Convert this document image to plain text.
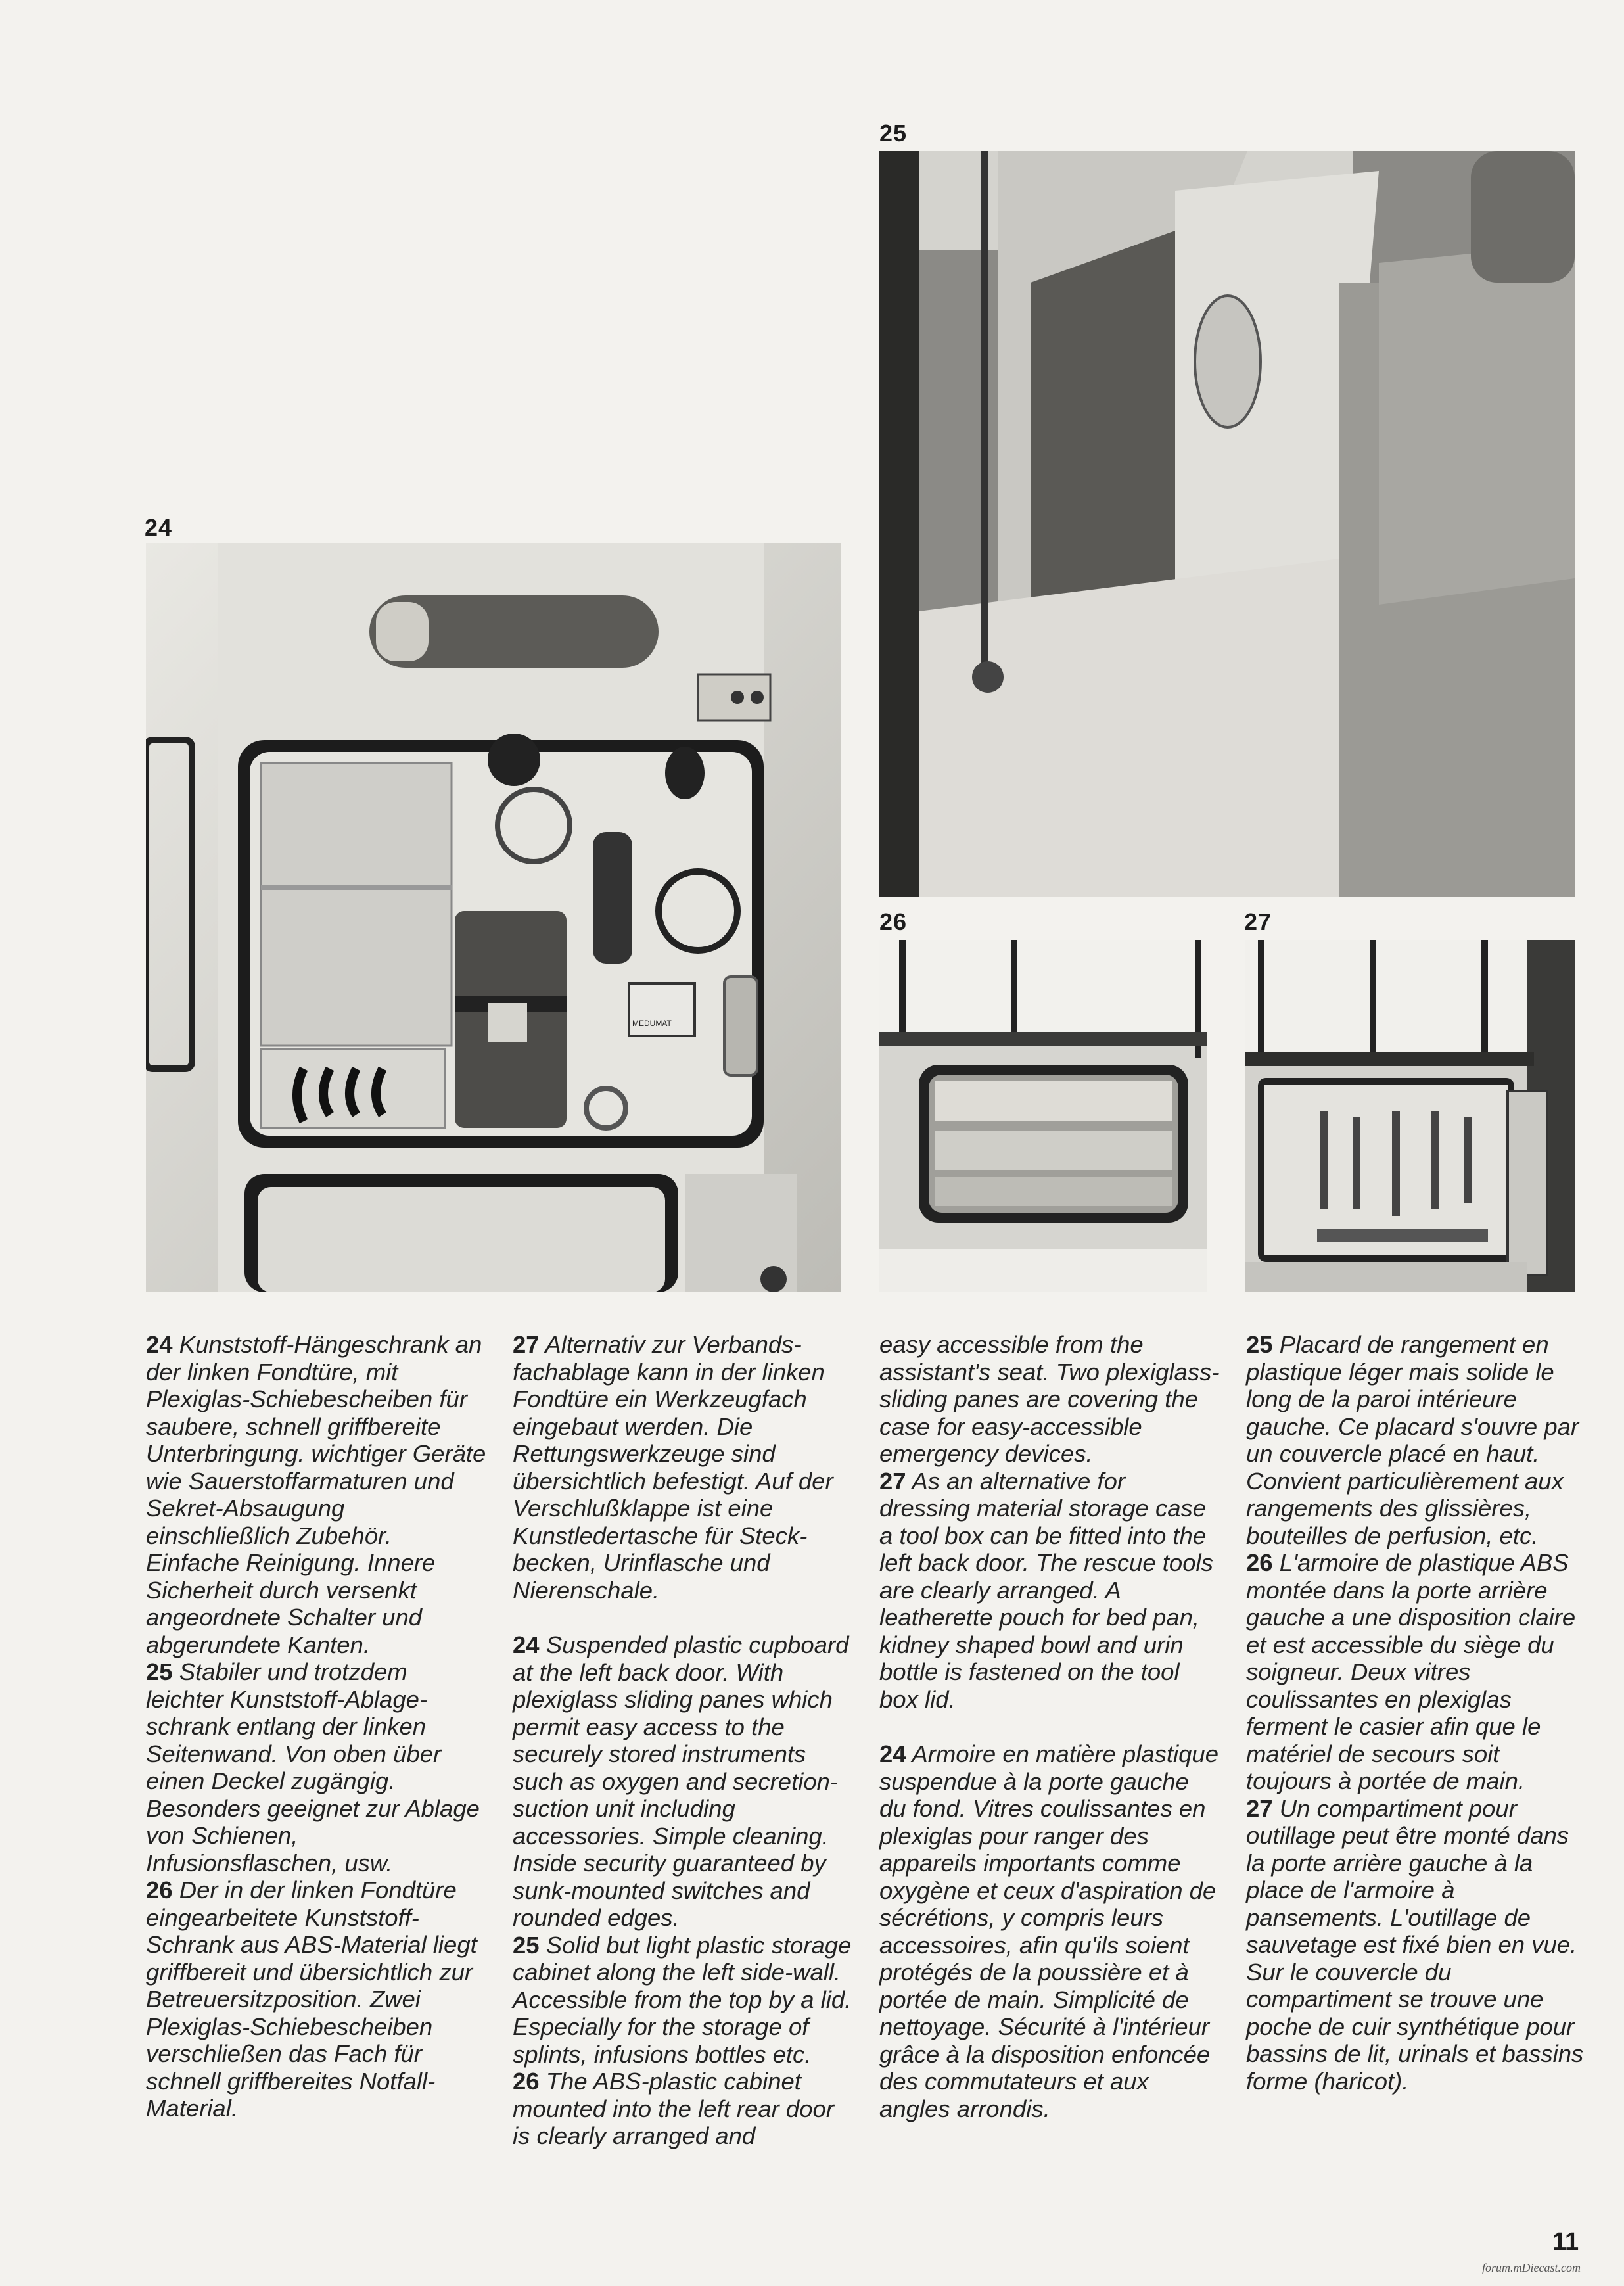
24
25
26	27
MEDUMAT

24 Kunststoff-Hängeschrank an der linken Fondtüre, mit Plexiglas-Schiebescheiben für saubere, schnell griffbereite Unterbringung. wichtiger Geräte wie Sauerstoffarmaturen und Sekret-Absaugung einschließlich Zubehör. Einfache Reinigung. Innere Sicherheit durch versenkt angeordnete Schalter und abgerundete Kanten.

25 Stabiler und trotzdem leichter Kunststoff-Ablageschrank entlang der linken Seitenwand. Von oben über einen Deckel zugängig. Besonders geeignet zur Ablage von Schienen, Infusionsflaschen, usw.

26 Der in der linken Fondtüre eingearbeitete Kunststoff-Schrank aus ABS-Material liegt griffbereit und übersichtlich zur Betreuersitzposition. Zwei Plexiglas-Schiebescheiben verschließen das Fach für schnell griffbereites Notfall-Material.

27 Alternativ zur Verbandsfachablage kann in der linken Fondtüre ein Werkzeugfach eingebaut werden. Die Rettungswerkzeuge sind übersichtlich befestigt. Auf der Verschlußklappe ist eine Kunstledertasche für Steckbecken, Urinflasche und Nierenschale.

24 Suspended plastic cupboard at the left back door. With plexiglass sliding panes which permit easy access to the securely stored instruments such as oxygen and secretion-suction unit including accessories. Simple cleaning. Inside security guaranteed by sunk-mounted switches and rounded edges.

25 Solid but light plastic storage cabinet along the left side-wall. Accessible from the top by a lid. Especially for the storage of splints, infusions bottles etc.

26 The ABS-plastic cabinet mounted into the left rear door is clearly arranged and

easy accessible from the assistant's seat. Two plexiglass-sliding panes are covering the case for easy-accessible emergency devices.

27 As an alternative for dressing material storage case a tool box can be fitted into the left back door. The rescue tools are clearly arranged. A leatherette pouch for bed pan, kidney shaped bowl and urin bottle is fastened on the tool box lid.

24 Armoire en matière plastique suspendue à la porte gauche du fond. Vitres coulissantes en plexiglas pour ranger des appareils importants comme oxygène et ceux d'aspiration de sécrétions, y compris leurs accessoires, afin qu'ils soient protégés de la poussière et à portée de main. Simplicité de nettoyage. Sécurité à l'intérieur grâce à la disposition enfoncée des commutateurs et aux angles arrondis.

25 Placard de rangement en plastique léger mais solide le long de la paroi intérieure gauche. Ce placard s'ouvre par un couvercle placé en haut. Convient particulièrement aux rangements des glissières, bouteilles de perfusion, etc.

26 L'armoire de plastique ABS montée dans la porte arrière gauche a une disposition claire et est accessible du siège du soigneur. Deux vitres coulissantes en plexiglas ferment le casier afin que le matériel de secours soit toujours à portée de main.

27 Un compartiment pour outillage peut être monté dans la porte arrière gauche à la place de l'armoire à pansements. L'outillage de sauvetage est fixé bien en vue. Sur le couvercle du compartiment se trouve une poche de cuir synthétique pour bassins de lit, urinals et bassins forme (haricot).

11
forum.mDiecast.com
